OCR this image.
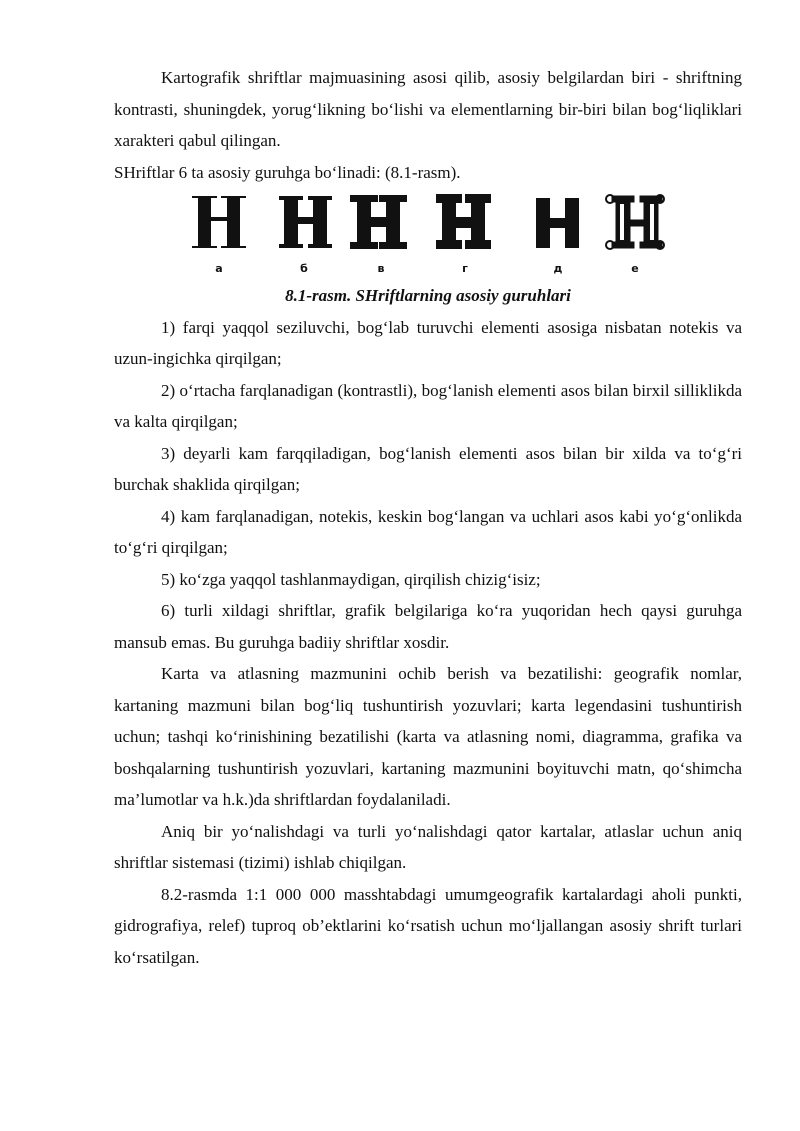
Kartografik shriftlar majmuasining asosi qilib, asosiy belgilardan biri - shriftning kontrasti, shuningdek, yorug‘likning bo‘lishi va elementlarning bir-biri bilan bog‘liqliklari xarakteri qabul qilingan.

SHriftlar 6 ta asosiy guruhga bo‘linadi: (8.1-rasm).

а	б	в	г	д	е

8.1-rasm. SHriftlarning asosiy guruhlari

1) farqi yaqqol seziluvchi, bog‘lab turuvchi elementi asosiga nisbatan notekis va uzun-ingichka qirqilgan;

2) o‘rtacha farqlanadigan (kontrastli), bog‘lanish elementi asos bilan birxil silliklikda va kalta qirqilgan;

3) deyarli kam farqqiladigan, bog‘lanish elementi asos bilan bir xilda va to‘g‘ri burchak shaklida qirqilgan;

4) kam farqlanadigan, notekis, keskin bog‘langan va uchlari asos kabi yo‘g‘onlikda to‘g‘ri qirqilgan;

5) ko‘zga yaqqol tashlanmaydigan, qirqilish chizig‘isiz;

6) turli xildagi shriftlar, grafik belgilariga ko‘ra yuqoridan hech qaysi guruhga mansub emas. Bu guruhga badiiy shriftlar xosdir.

Karta va atlasning mazmunini ochib berish va bezatilishi: geografik nomlar, kartaning mazmuni bilan bog‘liq tushuntirish yozuvlari; karta legendasini tushuntirish uchun; tashqi ko‘rinishining bezatilishi (karta va atlasning nomi, diagramma, grafika va boshqalarning tushuntirish yozuvlari, kartaning mazmunini boyituvchi matn, qo‘shimcha ma’lumotlar va h.k.)da shriftlardan foydalaniladi.

Aniq bir yo‘nalishdagi va turli yo‘nalishdagi qator kartalar, atlaslar uchun aniq shriftlar sistemasi (tizimi) ishlab chiqilgan.

8.2-rasmda 1:1 000 000 masshtabdagi umumgeografik kartalardagi aholi punkti, gidrografiya, relef) tuproq ob’ektlarini ko‘rsatish uchun mo‘ljallangan asosiy shrift turlari ko‘rsatilgan.
